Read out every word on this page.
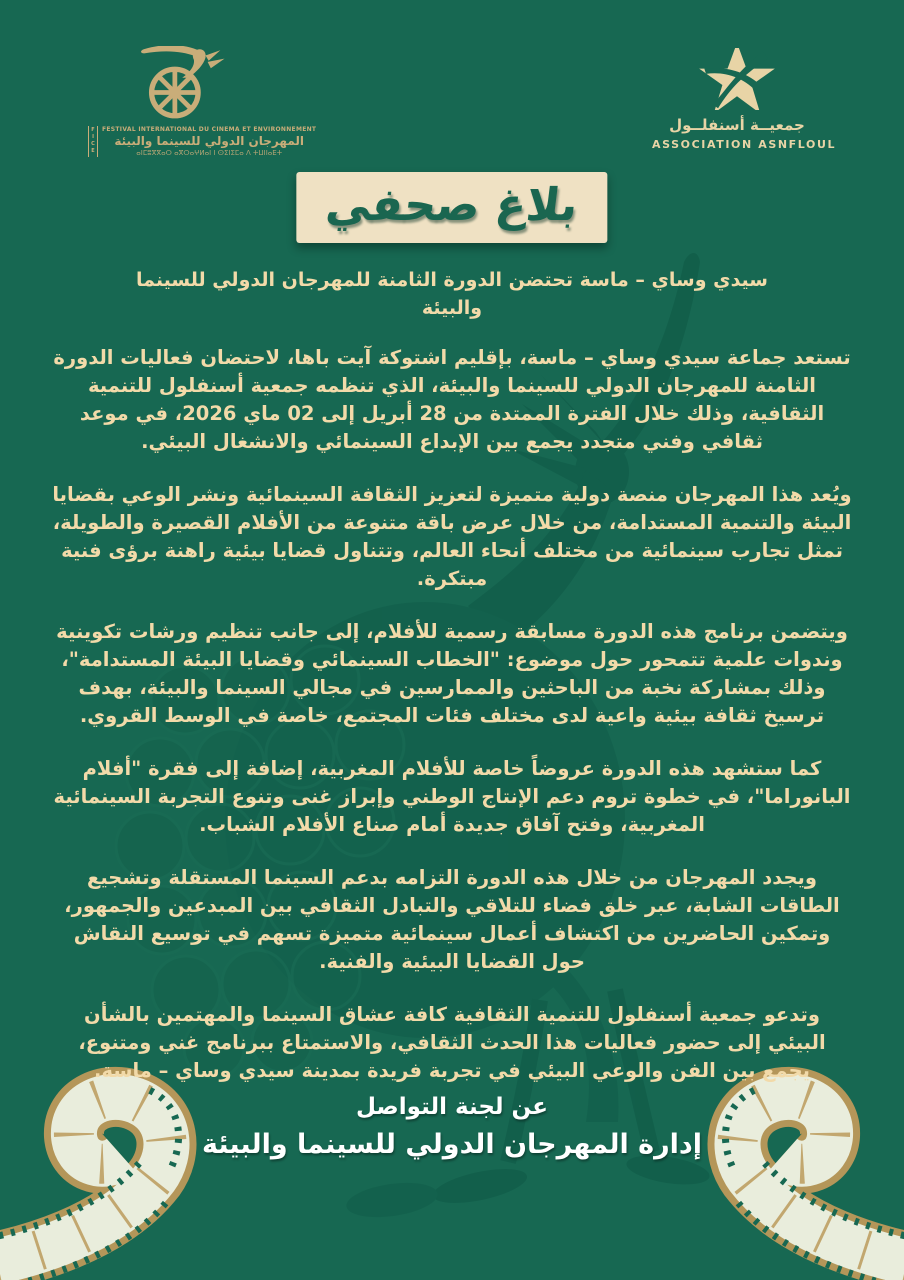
FICE	FESTIVAL INTERNATIONAL DU CINEMA ET ENVIRONNEMENT
المهرجان الدولي للسينما والبيئة
ⴰⵏⵎⵓⴳⴳⴰⵔ ⴰⴳⵔⴰⵖⵍⴰⵏ ⵏ ⵙⵉⵏⵉⵎⴰ ⴷ ⵜⵡⵏⵏⴰⴹⵜ
جمعيــة أسنفلــول
ASSOCIATION ASNFLOUL
بلاغ صحفي

سيدي وساي – ماسة تحتضن الدورة الثامنة للمهرجان الدولي للسينما والبيئة

تستعد جماعة سيدي وساي – ماسة، بإقليم اشتوكة آيت باها، لاحتضان فعاليات الدورة الثامنة للمهرجان الدولي للسينما والبيئة، الذي تنظمه جمعية أسنفلول للتنمية الثقافية، وذلك خلال الفترة الممتدة من 28 أبريل إلى 02 ماي 2026، في موعد ثقافي وفني متجدد يجمع بين الإبداع السينمائي والانشغال البيئي.

ويُعد هذا المهرجان منصة دولية متميزة لتعزيز الثقافة السينمائية ونشر الوعي بقضايا البيئة والتنمية المستدامة، من خلال عرض باقة متنوعة من الأفلام القصيرة والطويلة، تمثل تجارب سينمائية من مختلف أنحاء العالم، وتتناول قضايا بيئية راهنة برؤى فنية مبتكرة.

ويتضمن برنامج هذه الدورة مسابقة رسمية للأفلام، إلى جانب تنظيم ورشات تكوينية وندوات علمية تتمحور حول موضوع: "الخطاب السينمائي وقضايا البيئة المستدامة"، وذلك بمشاركة نخبة من الباحثين والممارسين في مجالي السينما والبيئة، بهدف ترسيخ ثقافة بيئية واعية لدى مختلف فئات المجتمع، خاصة في الوسط القروي.

كما ستشهد هذه الدورة عروضاً خاصة للأفلام المغربية، إضافة إلى فقرة "أفلام البانوراما"، في خطوة تروم دعم الإنتاج الوطني وإبراز غنى وتنوع التجربة السينمائية المغربية، وفتح آفاق جديدة أمام صناع الأفلام الشباب.

ويجدد المهرجان من خلال هذه الدورة التزامه بدعم السينما المستقلة وتشجيع الطاقات الشابة، عبر خلق فضاء للتلاقي والتبادل الثقافي بين المبدعين والجمهور، وتمكين الحاضرين من اكتشاف أعمال سينمائية متميزة تسهم في توسيع النقاش حول القضايا البيئية والفنية.

وتدعو جمعية أسنفلول للتنمية الثقافية كافة عشاق السينما والمهتمين بالشأن البيئي إلى حضور فعاليات هذا الحدث الثقافي، والاستمتاع ببرنامج غني ومتنوع، يجمع بين الفن والوعي البيئي في تجربة فريدة بمدينة سيدي وساي – ماسة.

عن لجنة التواصل

إدارة المهرجان الدولي للسينما والبيئة
